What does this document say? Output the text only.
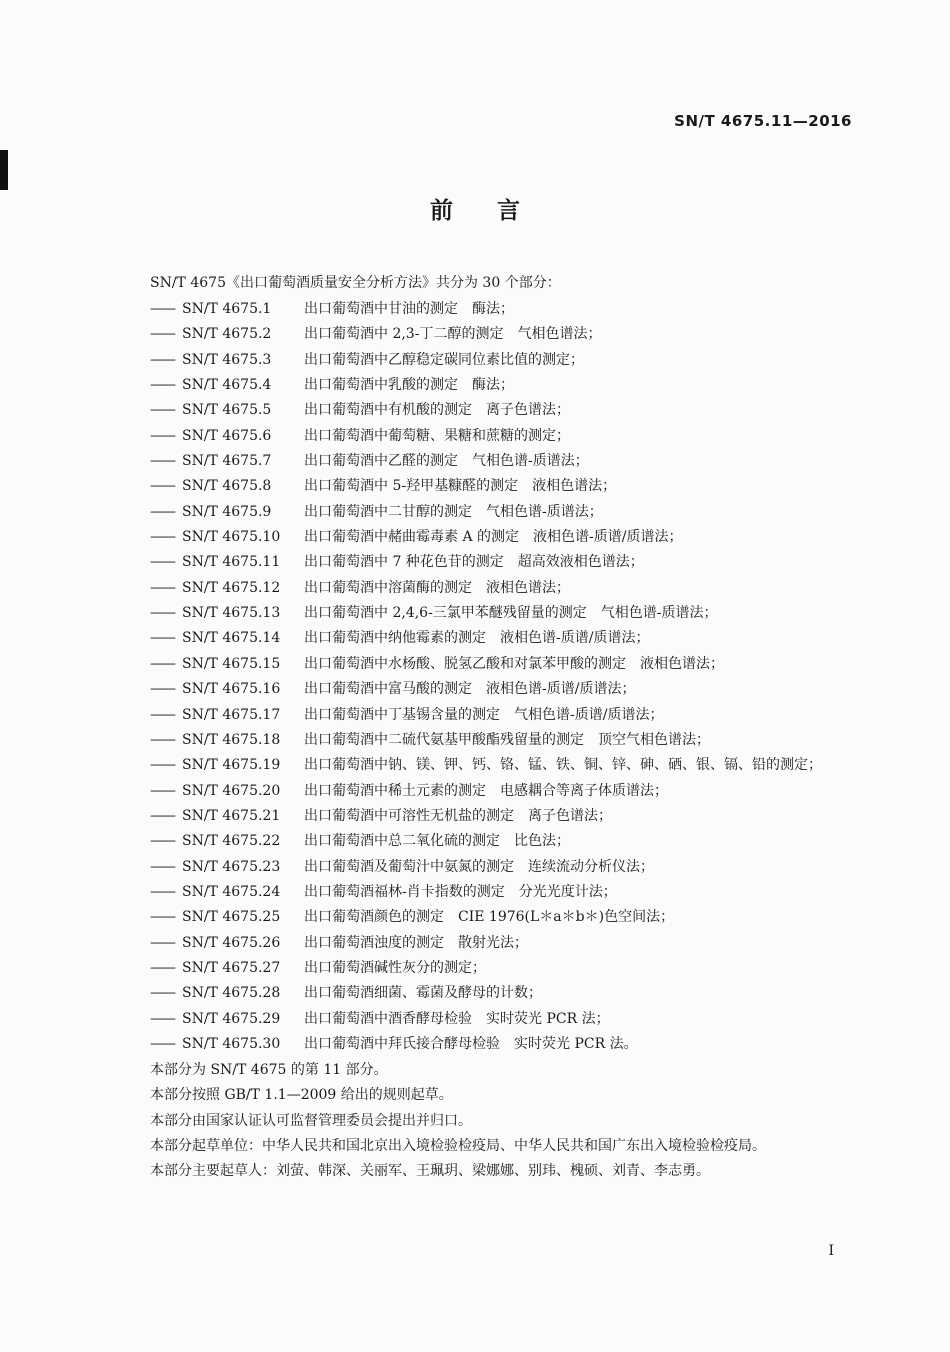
SN/T 4675.11—2016
前言
SN/T 4675《出口葡萄酒质量安全分析方法》共分为 30 个部分：
—— SN/T 4675.1 出口葡萄酒中甘油的测定　酶法；
—— SN/T 4675.2 出口葡萄酒中 2,3-丁二醇的测定　气相色谱法；
—— SN/T 4675.3 出口葡萄酒中乙醇稳定碳同位素比值的测定；
—— SN/T 4675.4 出口葡萄酒中乳酸的测定　酶法；
—— SN/T 4675.5 出口葡萄酒中有机酸的测定　离子色谱法；
—— SN/T 4675.6 出口葡萄酒中葡萄糖、果糖和蔗糖的测定；
—— SN/T 4675.7 出口葡萄酒中乙醛的测定　气相色谱-质谱法；
—— SN/T 4675.8 出口葡萄酒中 5-羟甲基糠醛的测定　液相色谱法；
—— SN/T 4675.9 出口葡萄酒中二甘醇的测定　气相色谱-质谱法；
—— SN/T 4675.10 出口葡萄酒中赭曲霉毒素 A 的测定　液相色谱-质谱/质谱法；
—— SN/T 4675.11 出口葡萄酒中 7 种花色苷的测定　超高效液相色谱法；
—— SN/T 4675.12 出口葡萄酒中溶菌酶的测定　液相色谱法；
—— SN/T 4675.13 出口葡萄酒中 2,4,6-三氯甲苯醚残留量的测定　气相色谱-质谱法；
—— SN/T 4675.14 出口葡萄酒中纳他霉素的测定　液相色谱-质谱/质谱法；
—— SN/T 4675.15 出口葡萄酒中水杨酸、脱氢乙酸和对氯苯甲酸的测定　液相色谱法；
—— SN/T 4675.16 出口葡萄酒中富马酸的测定　液相色谱-质谱/质谱法；
—— SN/T 4675.17 出口葡萄酒中丁基锡含量的测定　气相色谱-质谱/质谱法；
—— SN/T 4675.18 出口葡萄酒中二硫代氨基甲酸酯残留量的测定　顶空气相色谱法；
—— SN/T 4675.19 出口葡萄酒中钠、镁、钾、钙、铬、锰、铁、铜、锌、砷、硒、银、镉、铅的测定；
—— SN/T 4675.20 出口葡萄酒中稀土元素的测定　电感耦合等离子体质谱法；
—— SN/T 4675.21 出口葡萄酒中可溶性无机盐的测定　离子色谱法；
—— SN/T 4675.22 出口葡萄酒中总二氧化硫的测定　比色法；
—— SN/T 4675.23 出口葡萄酒及葡萄汁中氨氮的测定　连续流动分析仪法；
—— SN/T 4675.24 出口葡萄酒福林-肖卡指数的测定　分光光度计法；
—— SN/T 4675.25 出口葡萄酒颜色的测定　CIE 1976(L＊a＊b＊)色空间法；
—— SN/T 4675.26 出口葡萄酒浊度的测定　散射光法；
—— SN/T 4675.27 出口葡萄酒碱性灰分的测定；
—— SN/T 4675.28 出口葡萄酒细菌、霉菌及酵母的计数；
—— SN/T 4675.29 出口葡萄酒中酒香酵母检验　实时荧光 PCR 法；
—— SN/T 4675.30 出口葡萄酒中拜氏接合酵母检验　实时荧光 PCR 法。

本部分为 SN/T 4675 的第 11 部分。

本部分按照 GB/T 1.1—2009 给出的规则起草。

本部分由国家认证认可监督管理委员会提出并归口。

本部分起草单位：中华人民共和国北京出入境检验检疫局、中华人民共和国广东出入境检验检疫局。

本部分主要起草人：刘萤、韩深、关丽军、王珮玥、梁娜娜、别玮、槐硕、刘青、李志勇。

I
